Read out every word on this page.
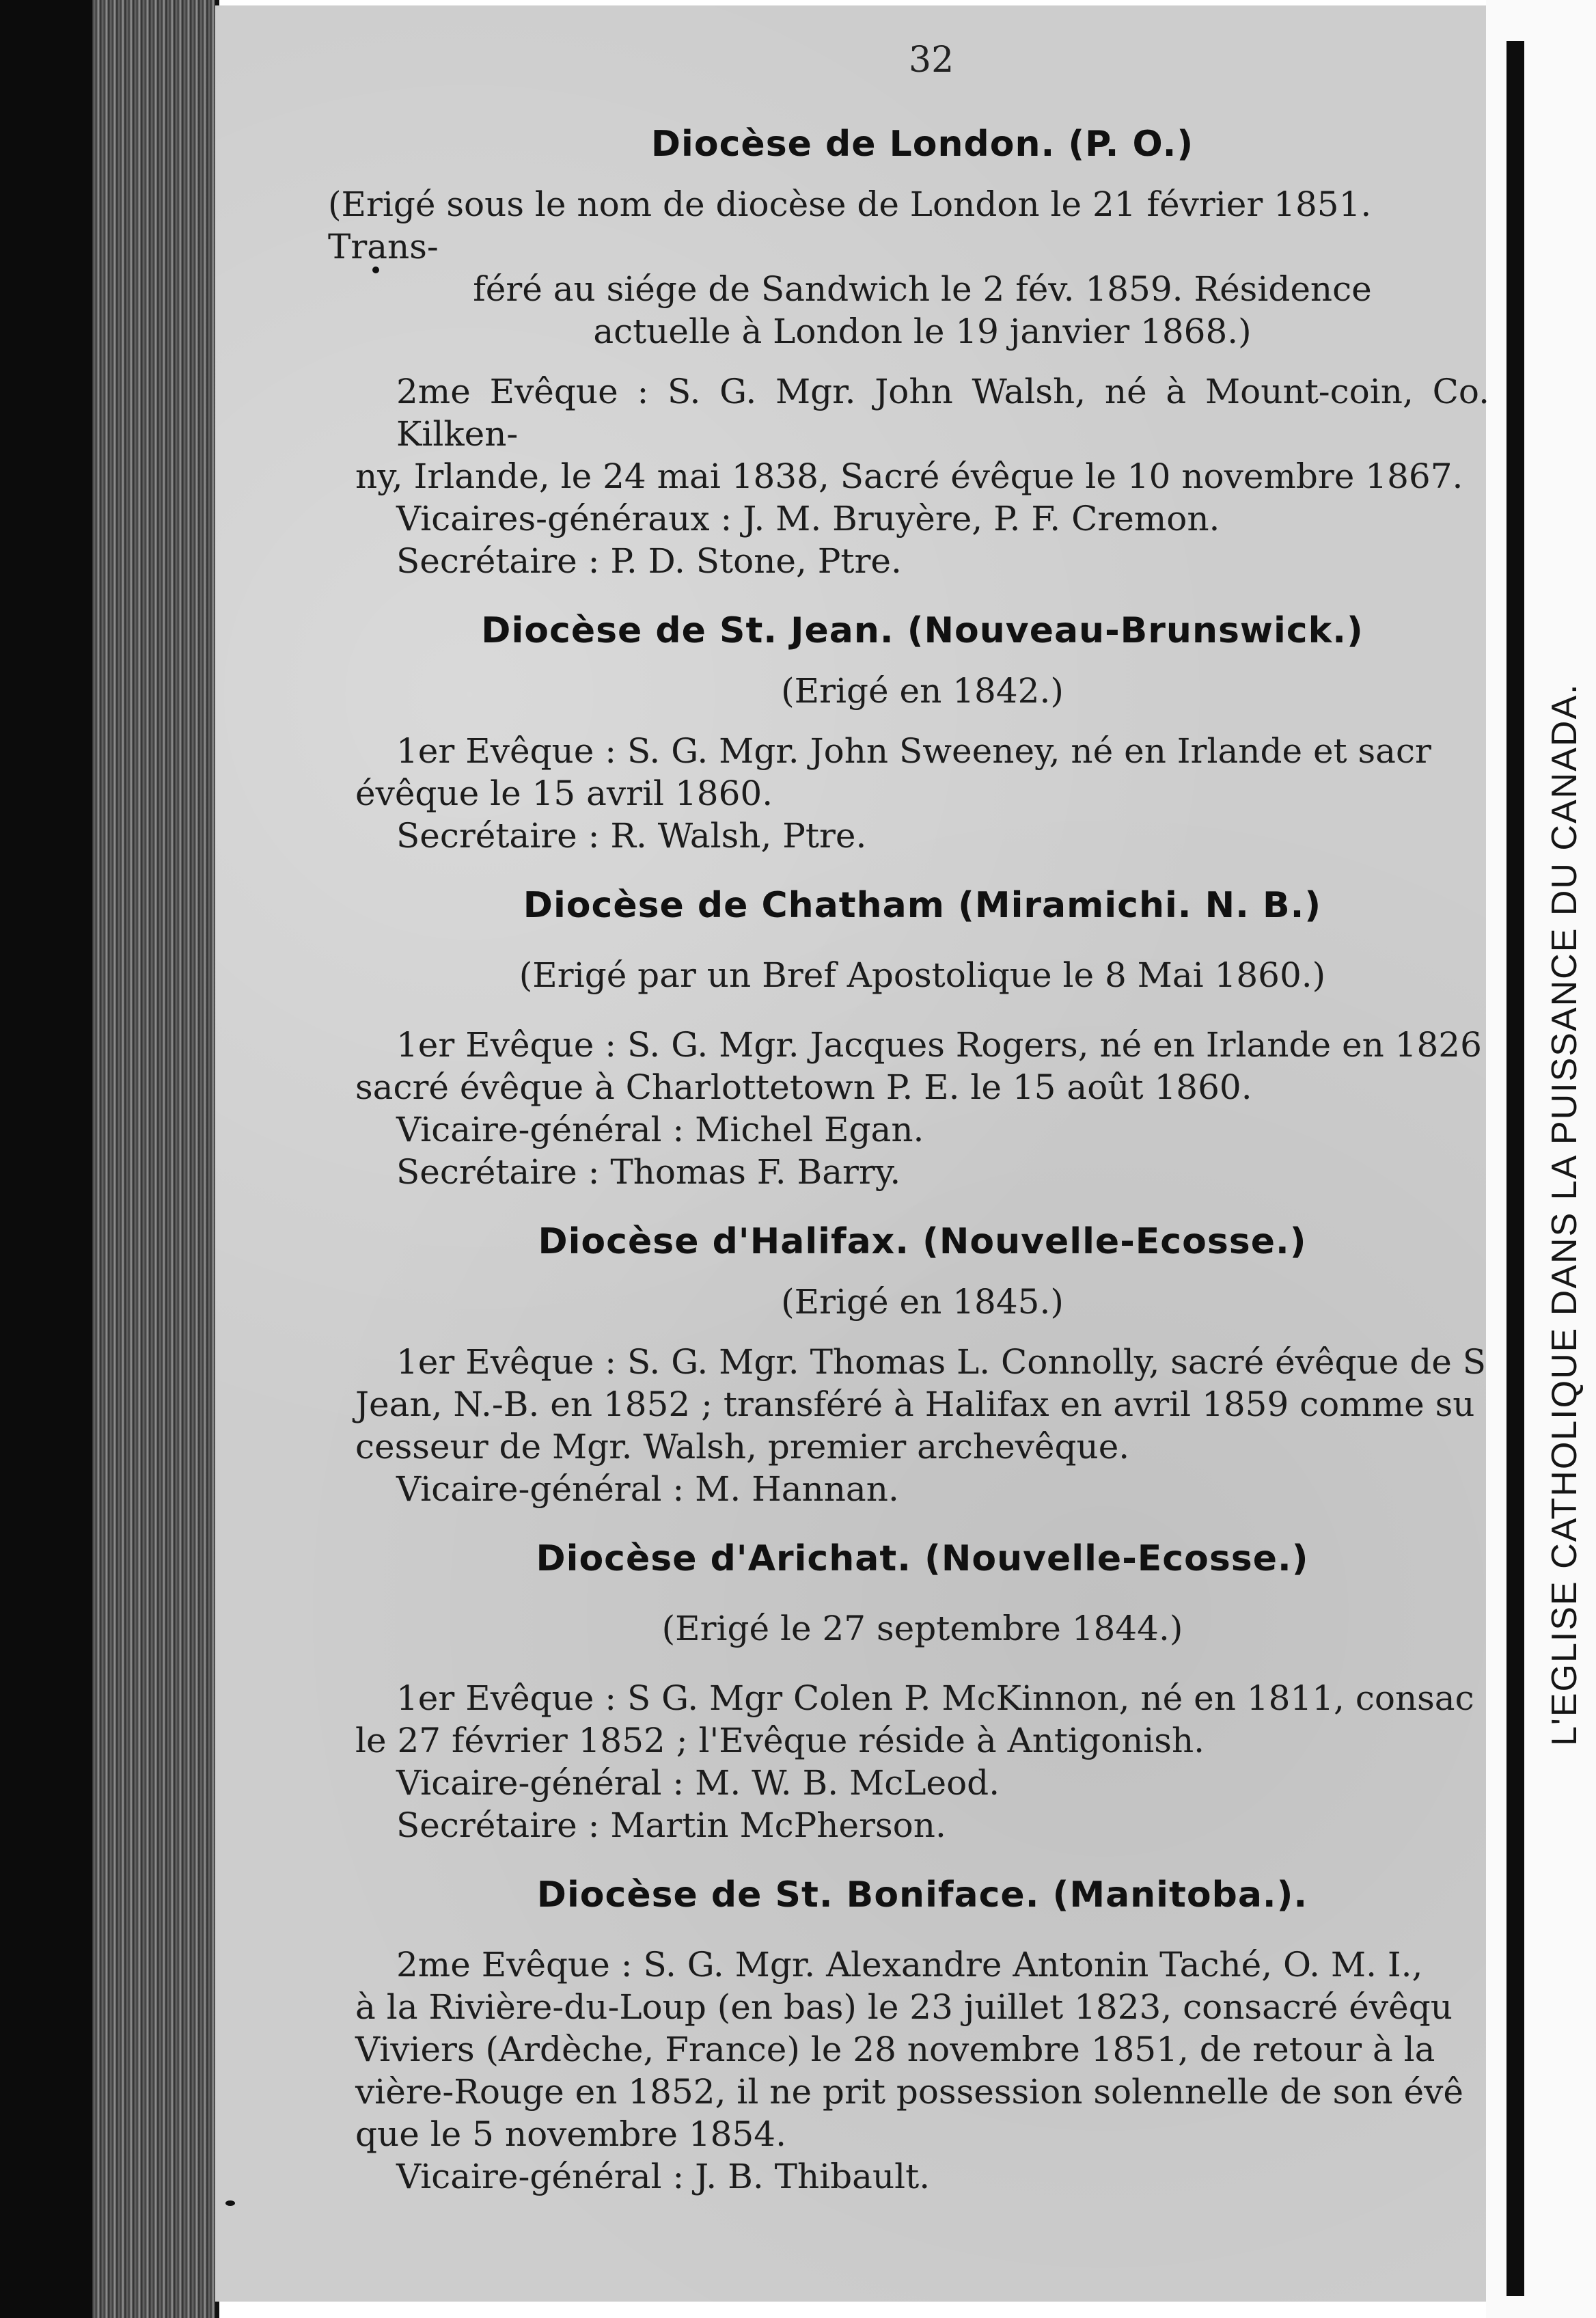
L'EGLISE CATHOLIQUE DANS LA PUISSANCE DU CANADA.
32

Diocèse de London. (P. O.)

(Erigé sous le nom de diocèse de London le 21 février 1851. Trans-

féré au siége de Sandwich le 2 fév. 1859. Résidence

actuelle à London le 19 janvier 1868.)

2me Evêque : S. G. Mgr. John Walsh, né à Mount-coin, Co. Kilken-

ny, Irlande, le 24 mai 1838, Sacré évêque le 10 novembre 1867.

Vicaires-généraux : J. M. Bruyère, P. F. Cremon.

Secrétaire : P. D. Stone, Ptre.

Diocèse de St. Jean. (Nouveau-Brunswick.)

(Erigé en 1842.)

1er Evêque : S. G. Mgr. John Sweeney, né en Irlande et sacr

évêque le 15 avril 1860.

Secrétaire : R. Walsh, Ptre.

Diocèse de Chatham (Miramichi. N. B.)

(Erigé par un Bref Apostolique le 8 Mai 1860.)

1er Evêque : S. G. Mgr. Jacques Rogers, né en Irlande en 1826

sacré évêque à Charlottetown P. E. le 15 août 1860.

Vicaire-général : Michel Egan.

Secrétaire : Thomas F. Barry.

Diocèse d'Halifax. (Nouvelle-Ecosse.)

(Erigé en 1845.)

1er Evêque : S. G. Mgr. Thomas L. Connolly, sacré évêque de S

Jean, N.-B. en 1852 ; transféré à Halifax en avril 1859 comme su

cesseur de Mgr. Walsh, premier archevêque.

Vicaire-général : M. Hannan.

Diocèse d'Arichat. (Nouvelle-Ecosse.)

(Erigé le 27 septembre 1844.)

1er Evêque : S G. Mgr Colen P. McKinnon, né en 1811, consac

le 27 février 1852 ; l'Evêque réside à Antigonish.

Vicaire-général : M. W. B. McLeod.

Secrétaire : Martin McPherson.

Diocèse de St. Boniface. (Manitoba.).

2me Evêque : S. G. Mgr. Alexandre Antonin Taché, O. M. I.,

à la Rivière-du-Loup (en bas) le 23 juillet 1823, consacré évêqu

Viviers (Ardèche, France) le 28 novembre 1851, de retour à la

vière-Rouge en 1852, il ne prit possession solennelle de son évê

que le 5 novembre 1854.

Vicaire-général : J. B. Thibault.
